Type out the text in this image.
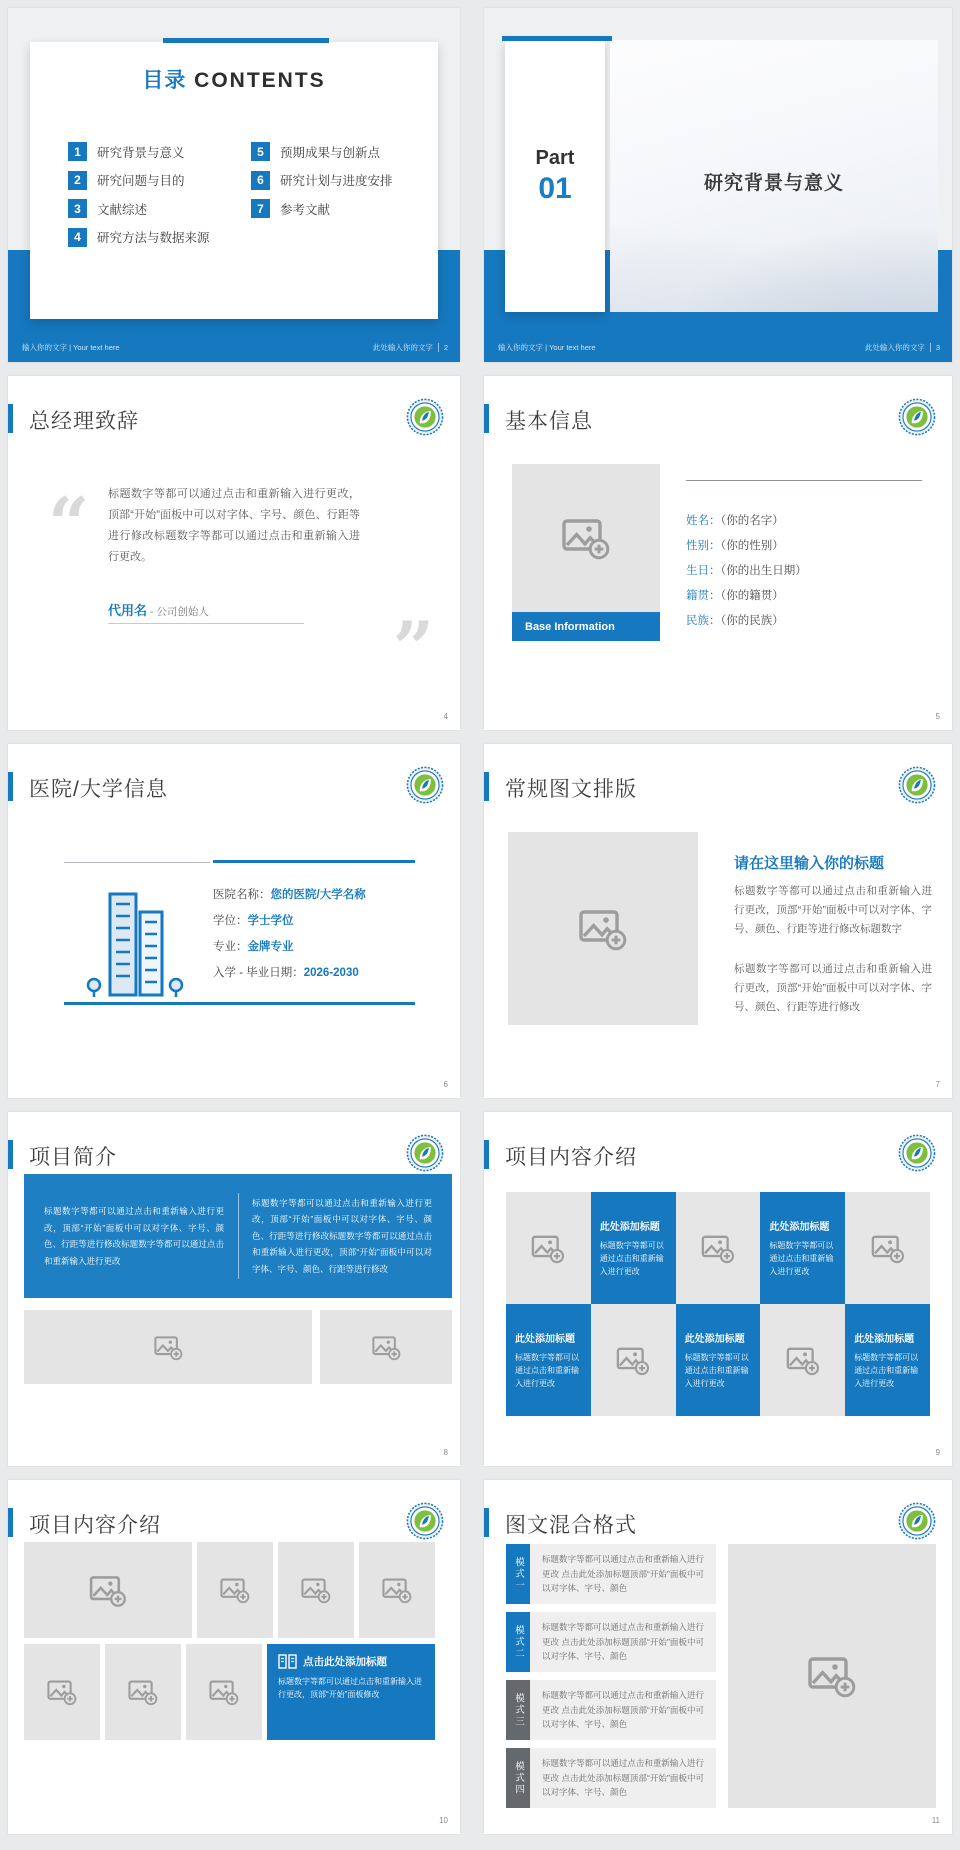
目录 CONTENTS
1	研究背景与意义
2	研究问题与目的
3	文献综述
4	研究方法与数据来源
5	预期成果与创新点
6	研究计划与进度安排
7	参考文献
输入你的文字 | Your text here	此处输入你的文字 2
Part
01	研究背景与意义
输入你的文字 | Your text here	此处输入你的文字 3
总经理致辞
“ 标题数字等都可以通过点击和重新输入进行更改，顶部“开始”面板中可以对字体、字号、颜色、行距等进行修改标题数字等都可以通过点击和重新输入进行更改。
代用名 - 公司创始人	”
4
基本信息
Base Information
姓名：（你的名字）
性别：（你的性别）
生日：（你的出生日期）
籍贯：（你的籍贯）
民族：（你的民族）
5
医院/大学信息
医院名称：您的医院/大学名称
学位：学士学位
专业：金牌专业
入学 - 毕业日期：2026-2030
6
常规图文排版
请在这里输入你的标题
标题数字等都可以通过点击和重新输入进行更改，顶部“开始”面板中可以对字体、字号、颜色、行距等进行修改标题数字
标题数字等都可以通过点击和重新输入进行更改，顶部“开始”面板中可以对字体、字号、颜色、行距等进行修改
7
项目简介
标题数字等都可以通过点击和重新输入进行更改，顶部“开始”面板中可以对字体、字号、颜色、行距等进行修改标题数字等都可以通过点击和重新输入进行更改
标题数字等都可以通过点击和重新输入进行更改，顶部“开始”面板中可以对字体、字号、颜色、行距等进行修改标题数字等都可以通过点击和重新输入进行更改，顶部“开始”面板中可以对字体、字号、颜色、行距等进行修改
8
项目内容介绍
此处添加标题
标题数字等都可以通过点击和重新输入进行更改
此处添加标题
标题数字等都可以通过点击和重新输入进行更改
此处添加标题
标题数字等都可以通过点击和重新输入进行更改
此处添加标题
标题数字等都可以通过点击和重新输入进行更改
此处添加标题
标题数字等都可以通过点击和重新输入进行更改
9
项目内容介绍
点击此处添加标题
标题数字等都可以通过点击和重新输入进行更改，顶部“开始”面板修改
10
图文混合格式
模式一	标题数字等都可以通过点击和重新输入进行更改 点击此处添加标题顶部“开始”面板中可以对字体、字号、颜色
模式二	标题数字等都可以通过点击和重新输入进行更改 点击此处添加标题顶部“开始”面板中可以对字体、字号、颜色
模式三	标题数字等都可以通过点击和重新输入进行更改 点击此处添加标题顶部“开始”面板中可以对字体、字号、颜色
模式四	标题数字等都可以通过点击和重新输入进行更改 点击此处添加标题顶部“开始”面板中可以对字体、字号、颜色
11
